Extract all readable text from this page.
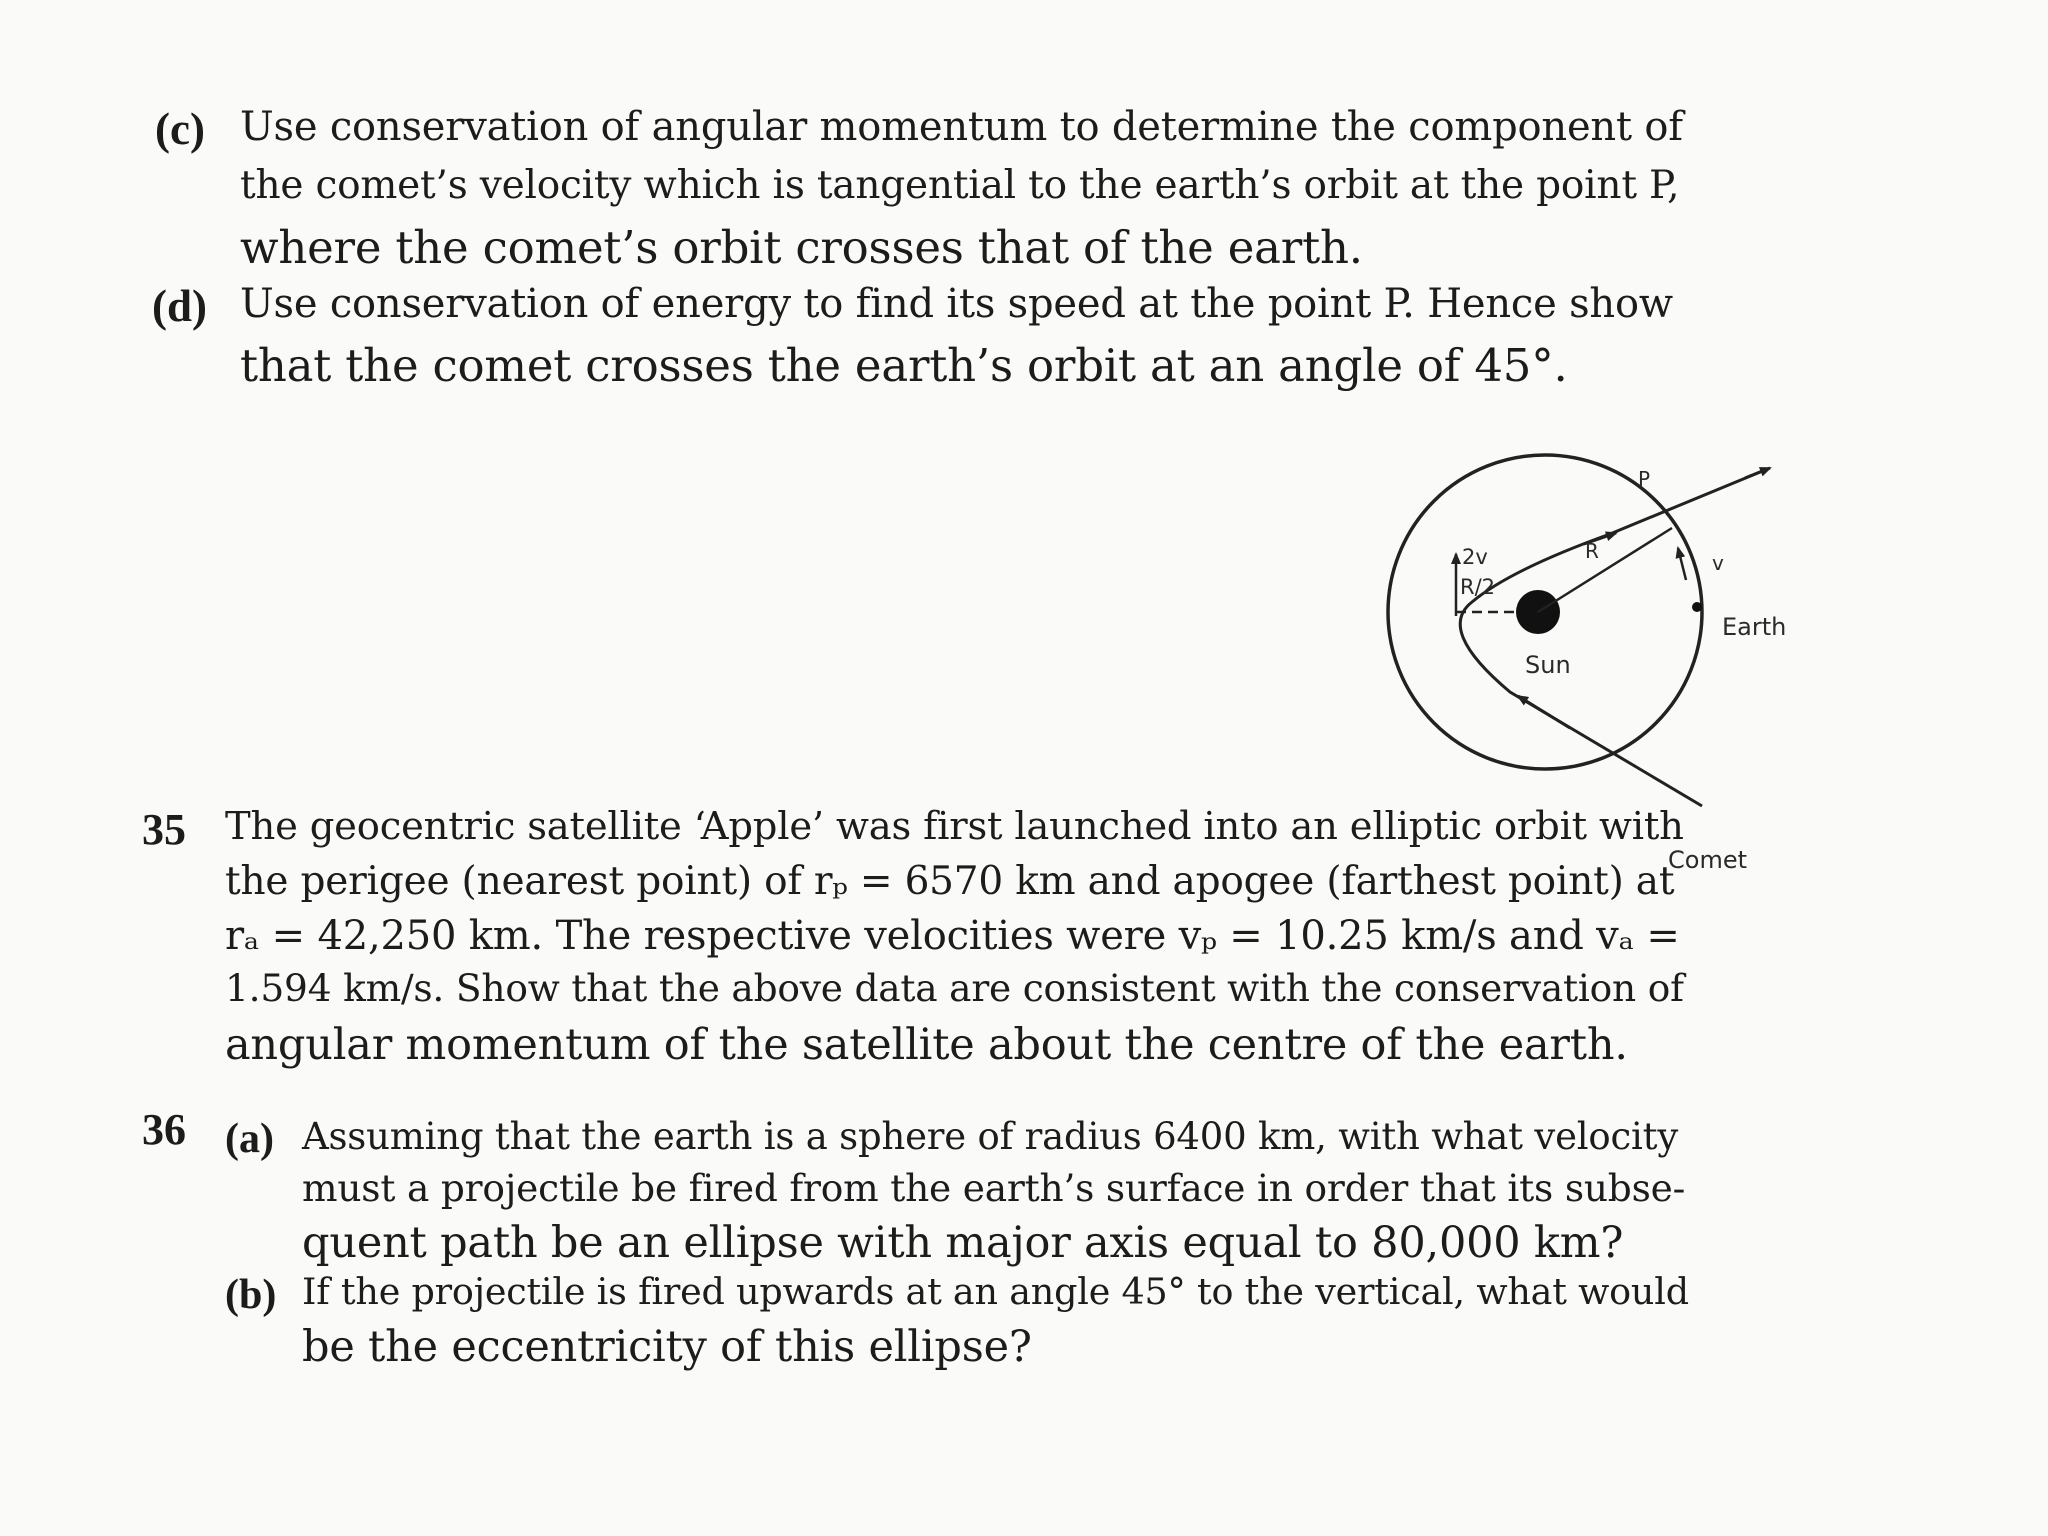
(c) Use conservation of angular momentum to determine the component of
the comet’s velocity which is tangential to the earth’s orbit at the point P,
where the comet’s orbit crosses that of the earth.
(d) Use conservation of energy to find its speed at the point P. Hence show
that the comet crosses the earth’s orbit at an angle of 45°.
P
R
2v
R/2
v
Sun
Earth
Comet
35 The geocentric satellite ‘Apple’ was first launched into an elliptic orbit with
the perigee (nearest point) of rₚ = 6570 km and apogee (farthest point) at
rₐ = 42,250 km. The respective velocities were vₚ = 10.25 km/s and vₐ =
1.594 km/s. Show that the above data are consistent with the conservation of
angular momentum of the satellite about the centre of the earth.
36 (a) Assuming that the earth is a sphere of radius 6400 km, with what velocity
must a projectile be fired from the earth’s surface in order that its subse-
quent path be an ellipse with major axis equal to 80,000 km?
(b) If the projectile is fired upwards at an angle 45° to the vertical, what would
be the eccentricity of this ellipse?
